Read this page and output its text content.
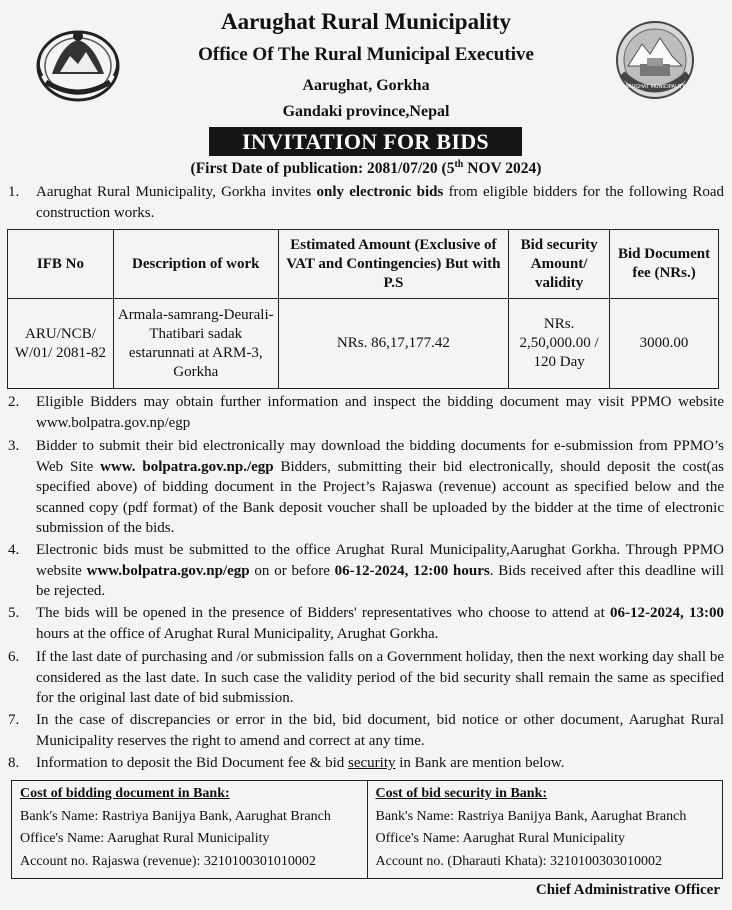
ARUGHAT MUNICIPALITY
Aarughat Rural Municipality
Office Of The Rural Municipal Executive
Aarughat, Gorkha
Gandaki province,Nepal
INVITATION FOR BIDS
(First Date of publication: 2081/07/20 (5th NOV 2024)
1.	Aarughat Rural Municipality, Gorkha invites only electronic bids from eligible bidders for the following Road construction works.
IFB No	Description of work	Estimated Amount (Exclusive of VAT and Contingencies) But with P.S	Bid security Amount/ validity	Bid Document fee (NRs.)
ARU/NCB/ W/01/ 2081-82	Armala-samrang-Deurali-Thatibari sadak estarunnati at ARM-3, Gorkha	NRs. 86,17,177.42	NRs. 2,50,000.00 / 120 Day	3000.00
2.	Eligible Bidders may obtain further information and inspect the bidding document may visit PPMO website www.bolpatra.gov.np/egp
3.	Bidder to submit their bid electronically may download the bidding documents for e-submission from PPMO’s Web Site www. bolpatra.gov.np./egp Bidders, submitting their bid electronically, should deposit the cost(as specified above) of bidding document in the Project’s Rajaswa (revenue) account as specified below and the scanned copy (pdf format) of the Bank deposit voucher shall be uploaded by the bidder at the time of electronic submission of the bids.
4.	Electronic bids must be submitted to the office Arughat Rural Municipality,Aarughat Gorkha. Through PPMO website www.bolpatra.gov.np/egp on or before 06-12-2024, 12:00 hours. Bids received after this deadline will be rejected.
5.	The bids will be opened in the presence of Bidders' representatives who choose to attend at 06-12-2024, 13:00 hours at the office of Arughat Rural Municipality, Arughat Gorkha.
6.	If the last date of purchasing and /or submission falls on a Government holiday, then the next working day shall be considered as the last date. In such case the validity period of the bid security shall remain the same as specified for the original last date of bid submission.
7.	In the case of discrepancies or error in the bid, bid document, bid notice or other document, Aarughat Rural Municipality reserves the right to amend and correct at any time.
8.	Information to deposit the Bid Document fee & bid security in Bank are mention below.
Cost of bidding document in Bank:
Bank's Name: Rastriya Banijya Bank, Aarughat Branch
Office's Name: Aarughat Rural Municipality
Account no. Rajaswa (revenue): 3210100301010002
Cost of bid security in Bank:
Bank's Name: Rastriya Banijya Bank, Aarughat Branch
Office's Name: Aarughat Rural Municipality
Account no. (Dharauti Khata): 3210100303010002
Chief Administrative Officer
